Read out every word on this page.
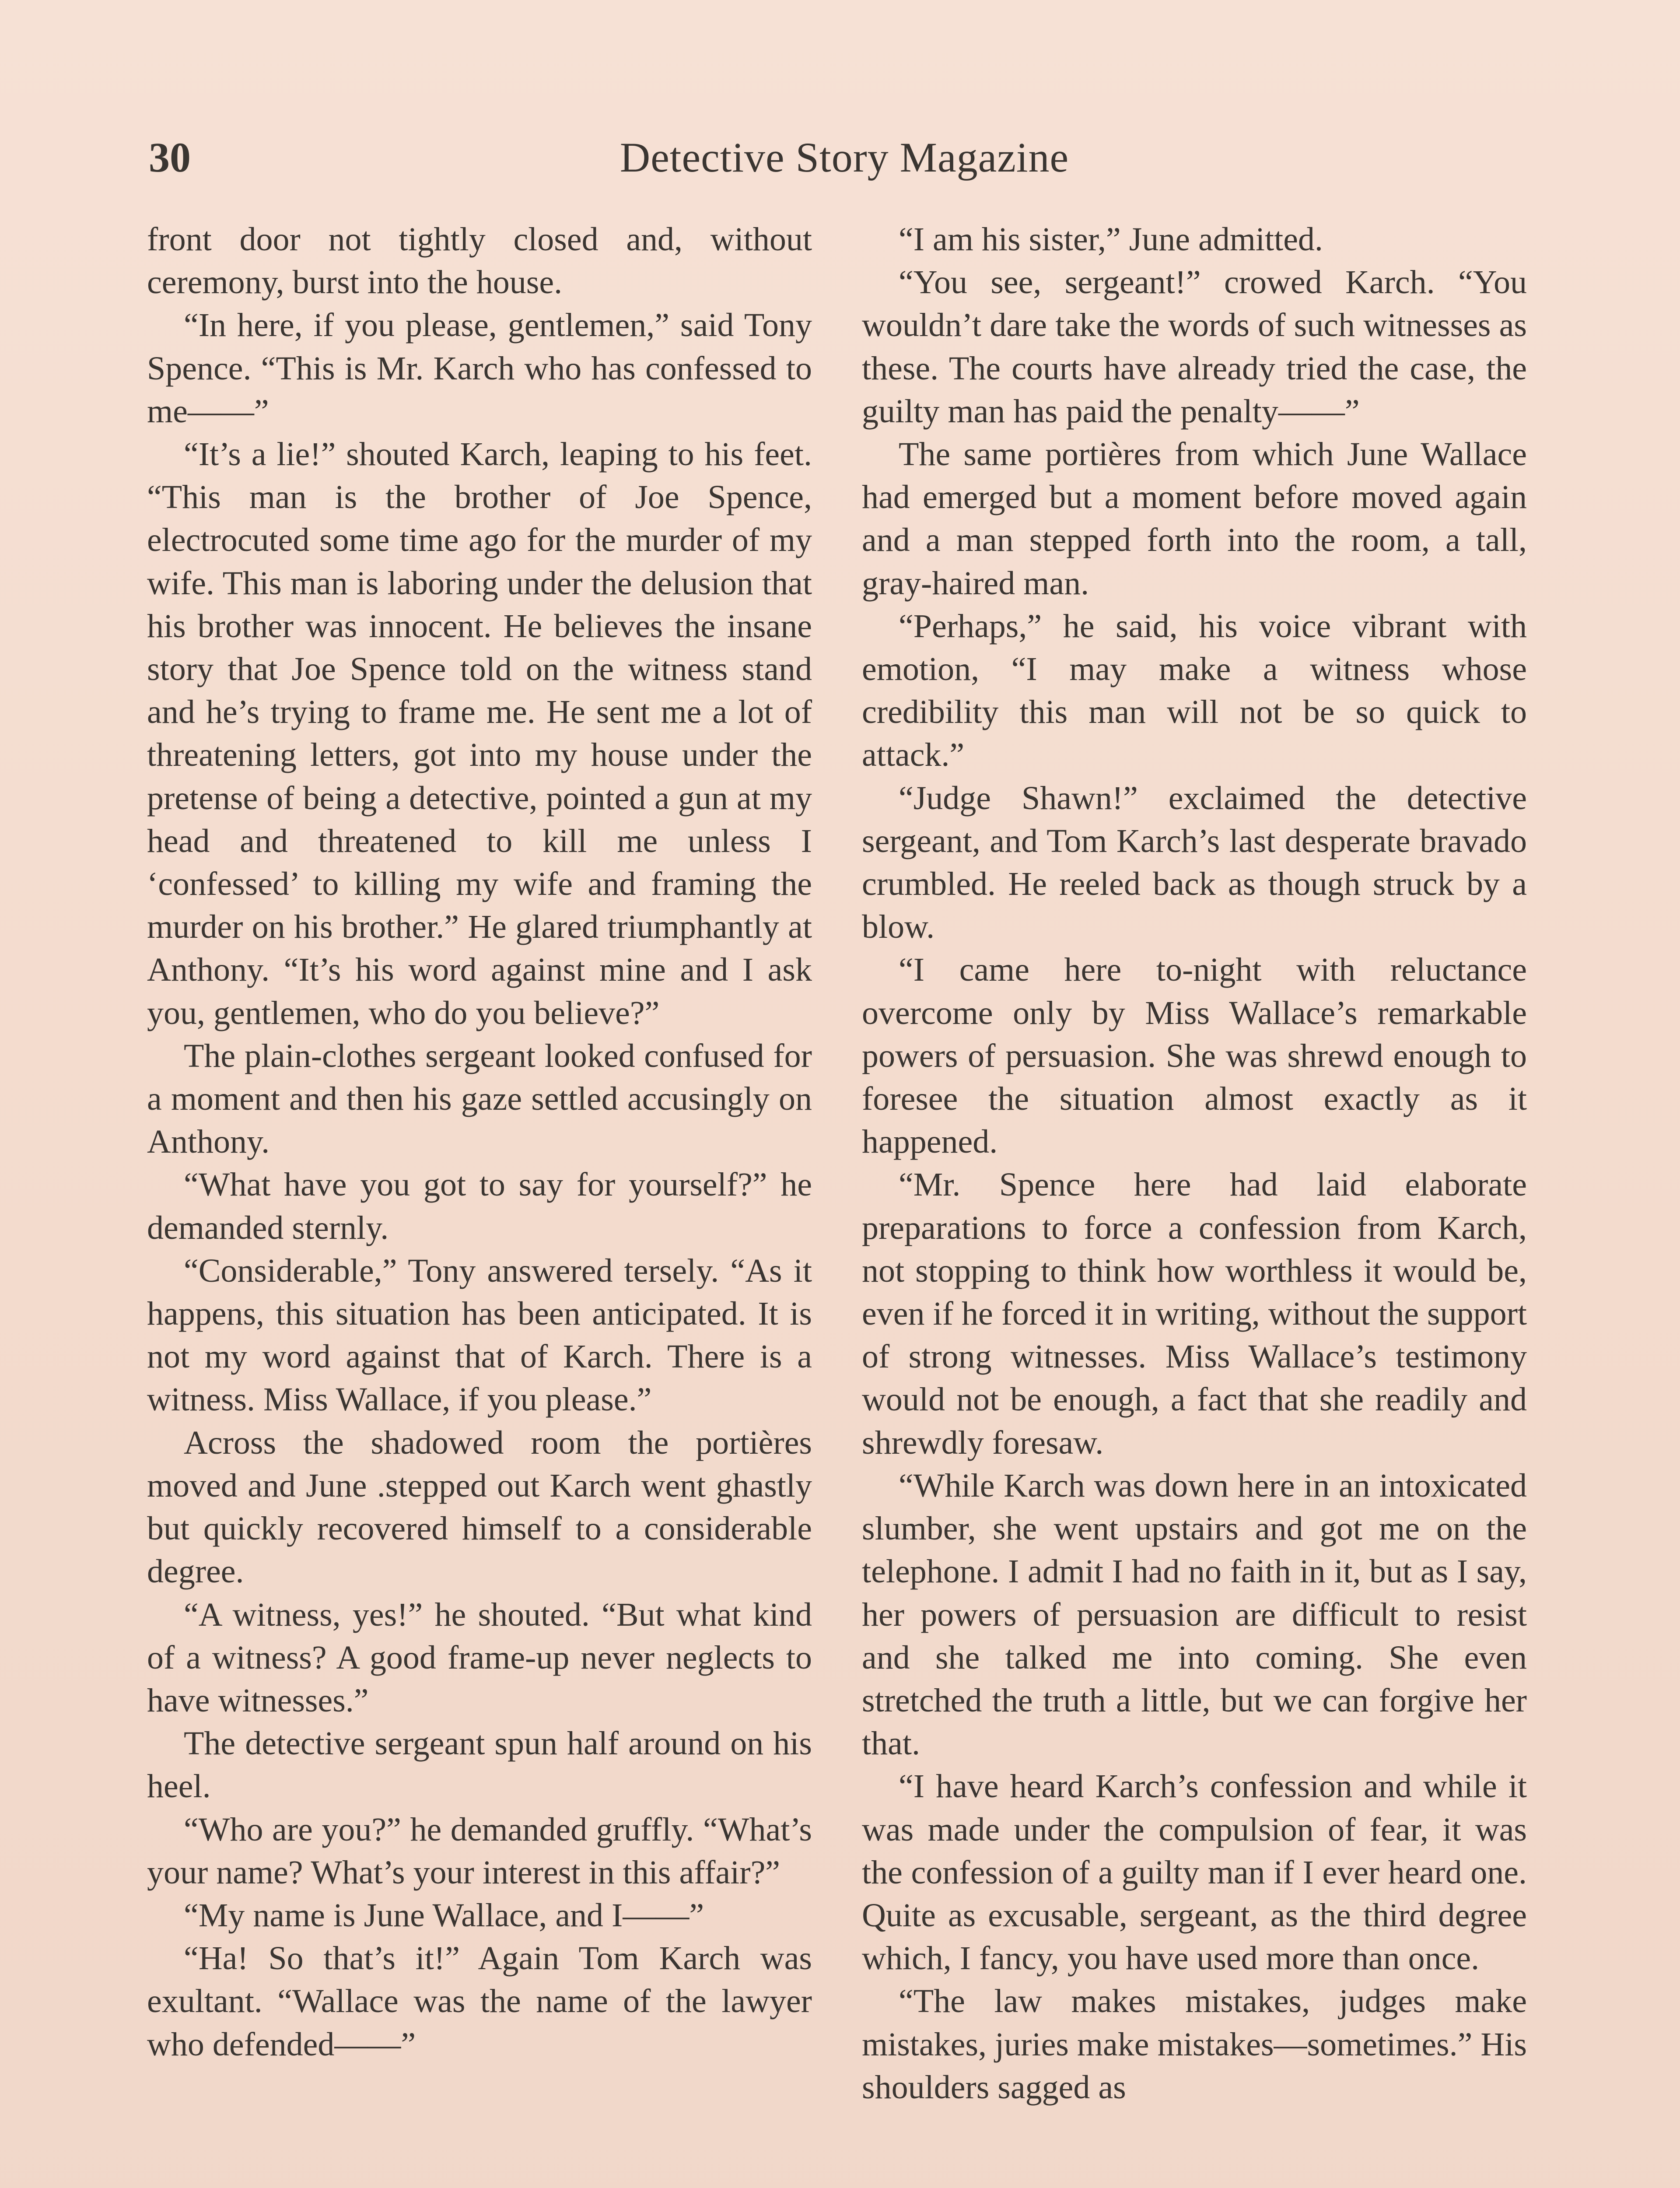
30	Detective Story Magazine

front door not tightly closed and, without ceremony, burst into the house.

“In here, if you please, gentlemen,” said Tony Spence. “This is Mr. Karch who has confessed to me——”

“It’s a lie!” shouted Karch, leaping to his feet. “This man is the brother of Joe Spence, electrocuted some time ago for the murder of my wife. This man is laboring under the delusion that his brother was innocent. He believes the insane story that Joe Spence told on the witness stand and he’s trying to frame me. He sent me a lot of threatening letters, got into my house under the pretense of being a detective, pointed a gun at my head and threatened to kill me unless I ‘confessed’ to killing my wife and framing the murder on his brother.” He glared triumphantly at Anthony. “It’s his word against mine and I ask you, gentlemen, who do you believe?”

The plain-clothes sergeant looked confused for a moment and then his gaze settled accusingly on Anthony.

“What have you got to say for yourself?” he demanded sternly.

“Considerable,” Tony answered tersely. “As it happens, this situation has been anticipated. It is not my word against that of Karch. There is a witness. Miss Wallace, if you please.”

Across the shadowed room the portières moved and June .stepped out Karch went ghastly but quickly recovered himself to a considerable degree.

“A witness, yes!” he shouted. “But what kind of a witness? A good frame-up never neglects to have witnesses.”

The detective sergeant spun half around on his heel.

“Who are you?” he demanded gruffly. “What’s your name? What’s your interest in this affair?”

“My name is June Wallace, and I——”

“Ha! So that’s it!” Again Tom Karch was exultant. “Wallace was the name of the lawyer who defended——”

“I am his sister,” June admitted.

“You see, sergeant!” crowed Karch. “You wouldn’t dare take the words of such witnesses as these. The courts have already tried the case, the guilty man has paid the penalty——”

The same portières from which June Wallace had emerged but a moment before moved again and a man stepped forth into the room, a tall, gray-haired man.

“Perhaps,” he said, his voice vibrant with emotion, “I may make a witness whose credibility this man will not be so quick to attack.”

“Judge Shawn!” exclaimed the detective sergeant, and Tom Karch’s last desperate bravado crumbled. He reeled back as though struck by a blow.

“I came here to-night with reluctance overcome only by Miss Wallace’s remarkable powers of persuasion. She was shrewd enough to foresee the situation almost exactly as it happened.

“Mr. Spence here had laid elaborate preparations to force a confession from Karch, not stopping to think how worthless it would be, even if he forced it in writing, without the support of strong witnesses. Miss Wallace’s testimony would not be enough, a fact that she readily and shrewdly foresaw.

“While Karch was down here in an intoxicated slumber, she went upstairs and got me on the telephone. I admit I had no faith in it, but as I say, her powers of persuasion are difficult to resist and she talked me into coming. She even stretched the truth a little, but we can forgive her that.

“I have heard Karch’s confession and while it was made under the compulsion of fear, it was the confession of a guilty man if I ever heard one. Quite as excusable, sergeant, as the third degree which, I fancy, you have used more than once.

“The law makes mistakes, judges make mistakes, juries make mistakes—sometimes.” His shoulders sagged as
